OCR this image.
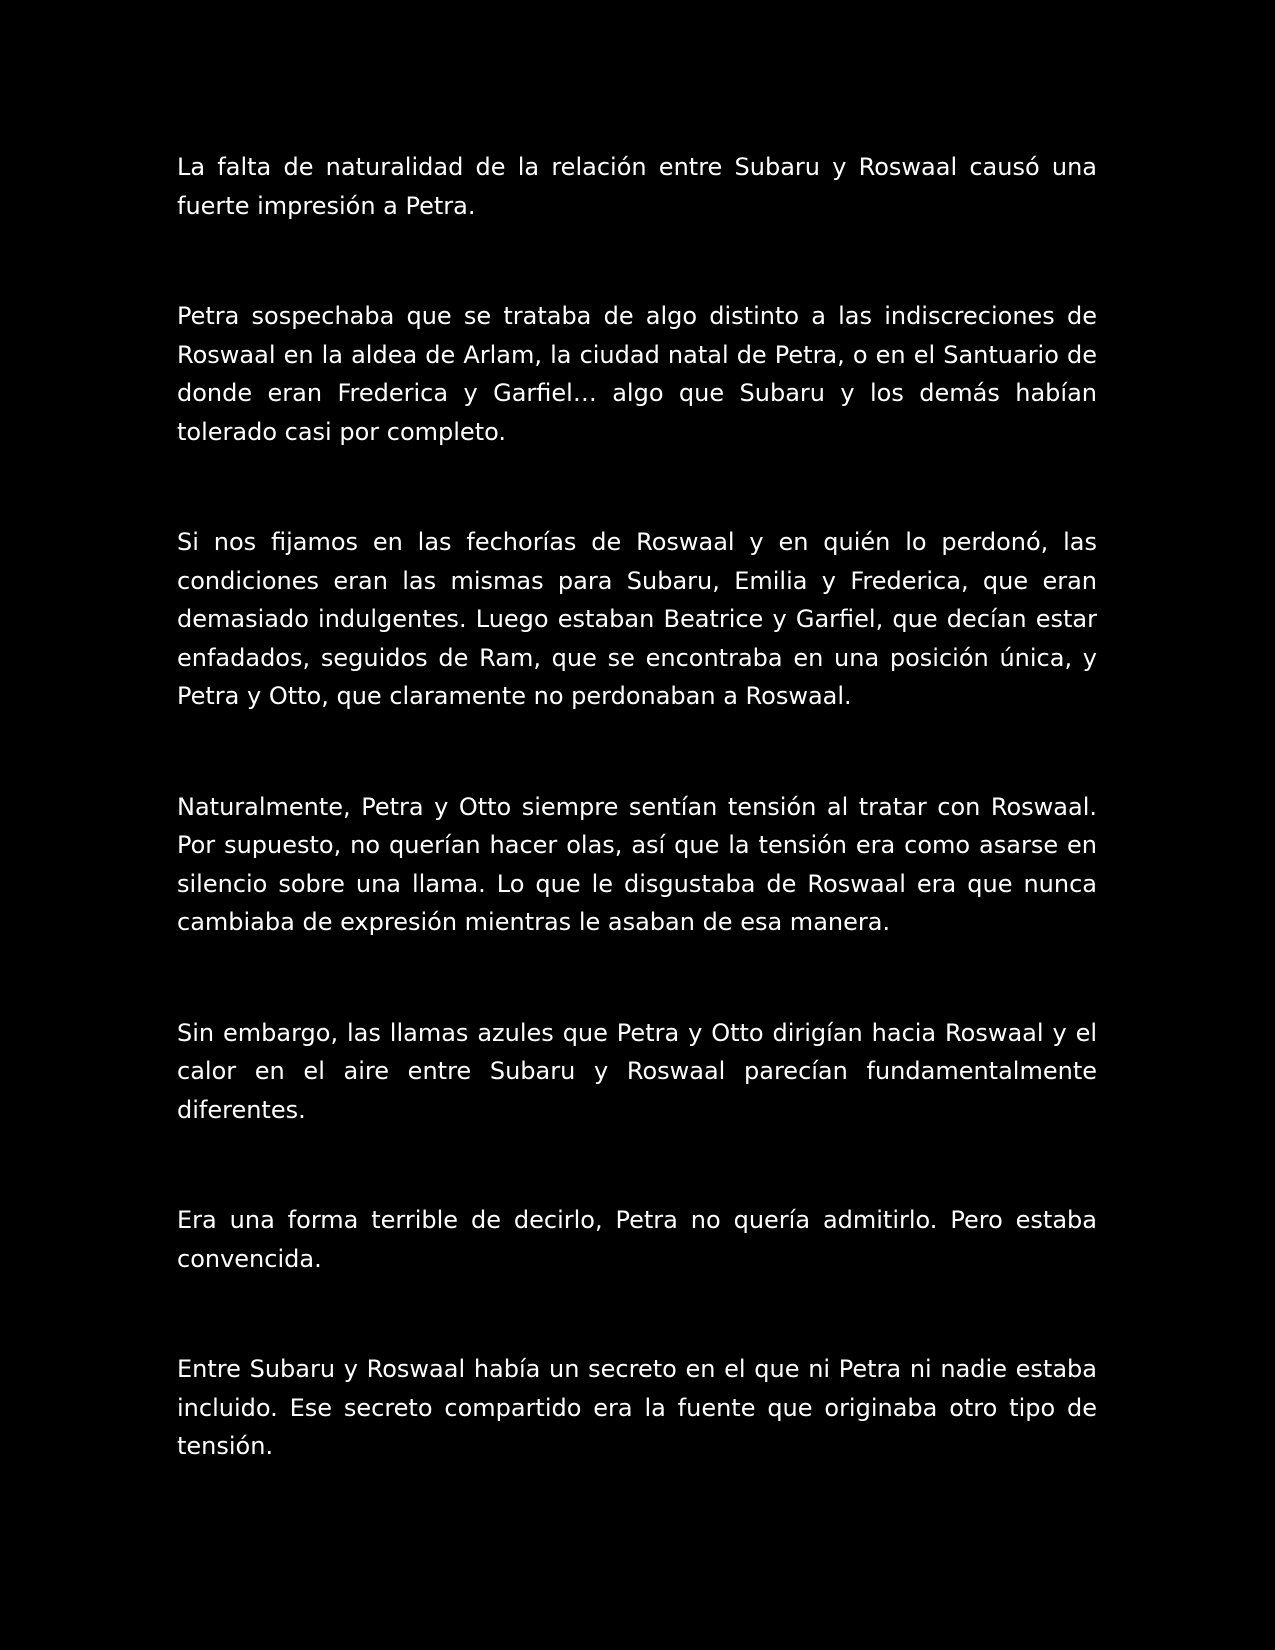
La falta de naturalidad de la relación entre Subaru y Roswaal causó una fuerte impresión a Petra.

Petra sospechaba que se trataba de algo distinto a las indiscreciones de Roswaal en la aldea de Arlam, la ciudad natal de Petra, o en el Santuario de donde eran Frederica y Garfiel… algo que Subaru y los demás habían tolerado casi por completo.

Si nos fijamos en las fechorías de Roswaal y en quién lo perdonó, las condiciones eran las mismas para Subaru, Emilia y Frederica, que eran demasiado indulgentes. Luego estaban Beatrice y Garfiel, que decían estar enfadados, seguidos de Ram, que se encontraba en una posición única, y Petra y Otto, que claramente no perdonaban a Roswaal.

Naturalmente, Petra y Otto siempre sentían tensión al tratar con Roswaal. Por supuesto, no querían hacer olas, así que la tensión era como asarse en silencio sobre una llama. Lo que le disgustaba de Roswaal era que nunca cambiaba de expresión mientras le asaban de esa manera.

Sin embargo, las llamas azules que Petra y Otto dirigían hacia Roswaal y el calor en el aire entre Subaru y Roswaal parecían fundamentalmente diferentes.

Era una forma terrible de decirlo, Petra no quería admitirlo. Pero estaba convencida.

Entre Subaru y Roswaal había un secreto en el que ni Petra ni nadie estaba incluido. Ese secreto compartido era la fuente que originaba otro tipo de tensión.
